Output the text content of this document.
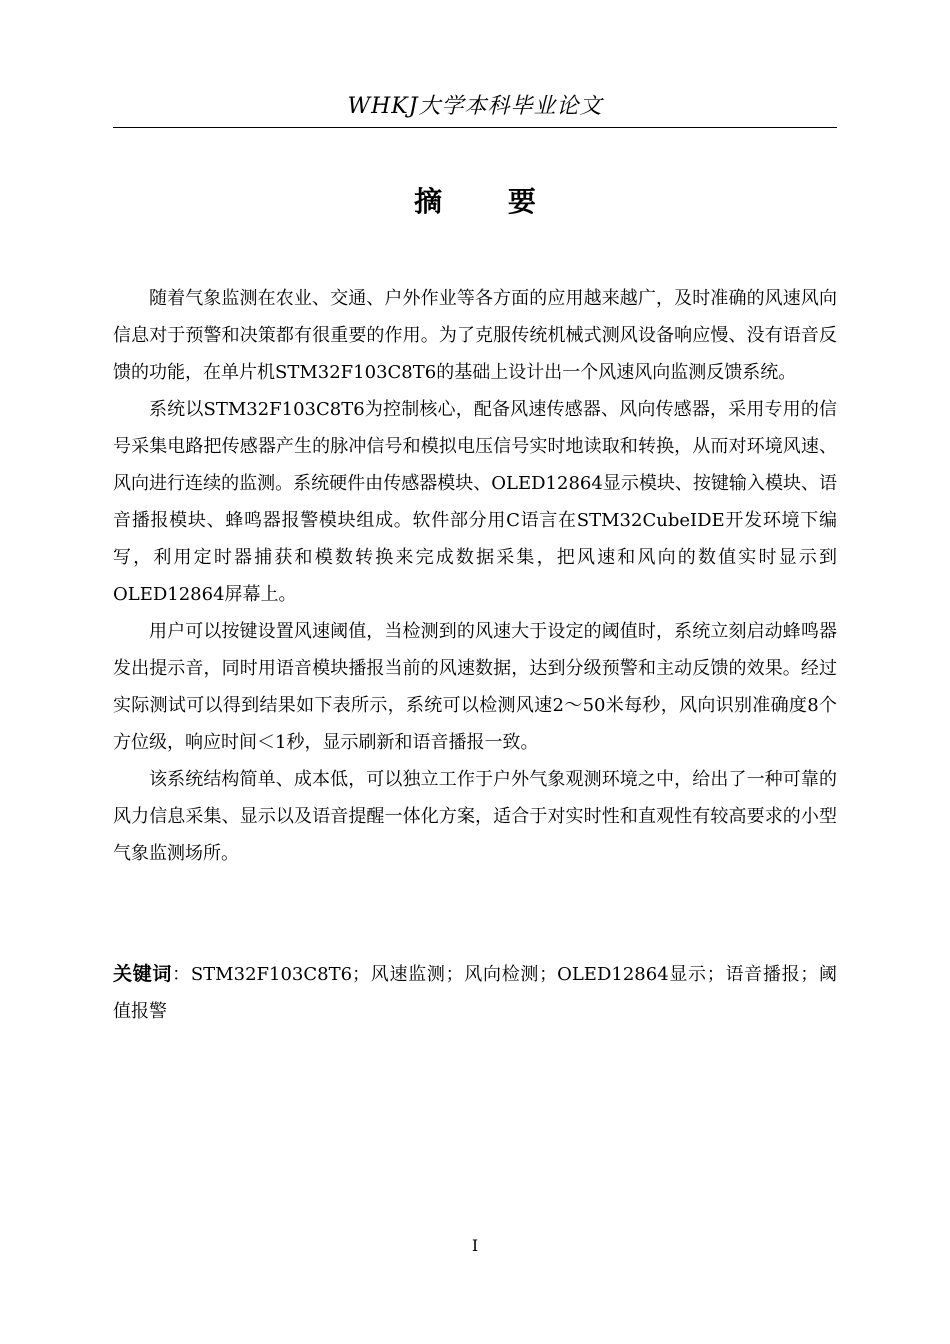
WHKJ大学本科毕业论文
摘 要

随着气象监测在农业、交通、户外作业等各方面的应用越来越广，及时准确的风速风向信息对于预警和决策都有很重要的作用。为了克服传统机械式测风设备响应慢、没有语音反馈的功能，在单片机STM32F103C8T6的基础上设计出一个风速风向监测反馈系统。

系统以STM32F103C8T6为控制核心，配备风速传感器、风向传感器，采用专用的信号采集电路把传感器产生的脉冲信号和模拟电压信号实时地读取和转换，从而对环境风速、风向进行连续的监测。系统硬件由传感器模块、OLED12864显示模块、按键输入模块、语音播报模块、蜂鸣器报警模块组成。软件部分用C语言在STM32CubeIDE开发环境下编写，利用定时器捕获和模数转换来完成数据采集，把风速和风向的数值实时显示到OLED12864屏幕上。

用户可以按键设置风速阈值，当检测到的风速大于设定的阈值时，系统立刻启动蜂鸣器发出提示音，同时用语音模块播报当前的风速数据，达到分级预警和主动反馈的效果。经过实际测试可以得到结果如下表所示，系统可以检测风速2～50米每秒，风向识别准确度8个方位级，响应时间＜1秒，显示刷新和语音播报一致。

该系统结构简单、成本低，可以独立工作于户外气象观测环境之中，给出了一种可靠的风力信息采集、显示以及语音提醒一体化方案，适合于对实时性和直观性有较高要求的小型气象监测场所。

关键词：STM32F103C8T6；风速监测；风向检测；OLED12864显示；语音播报；阈值报警
I
